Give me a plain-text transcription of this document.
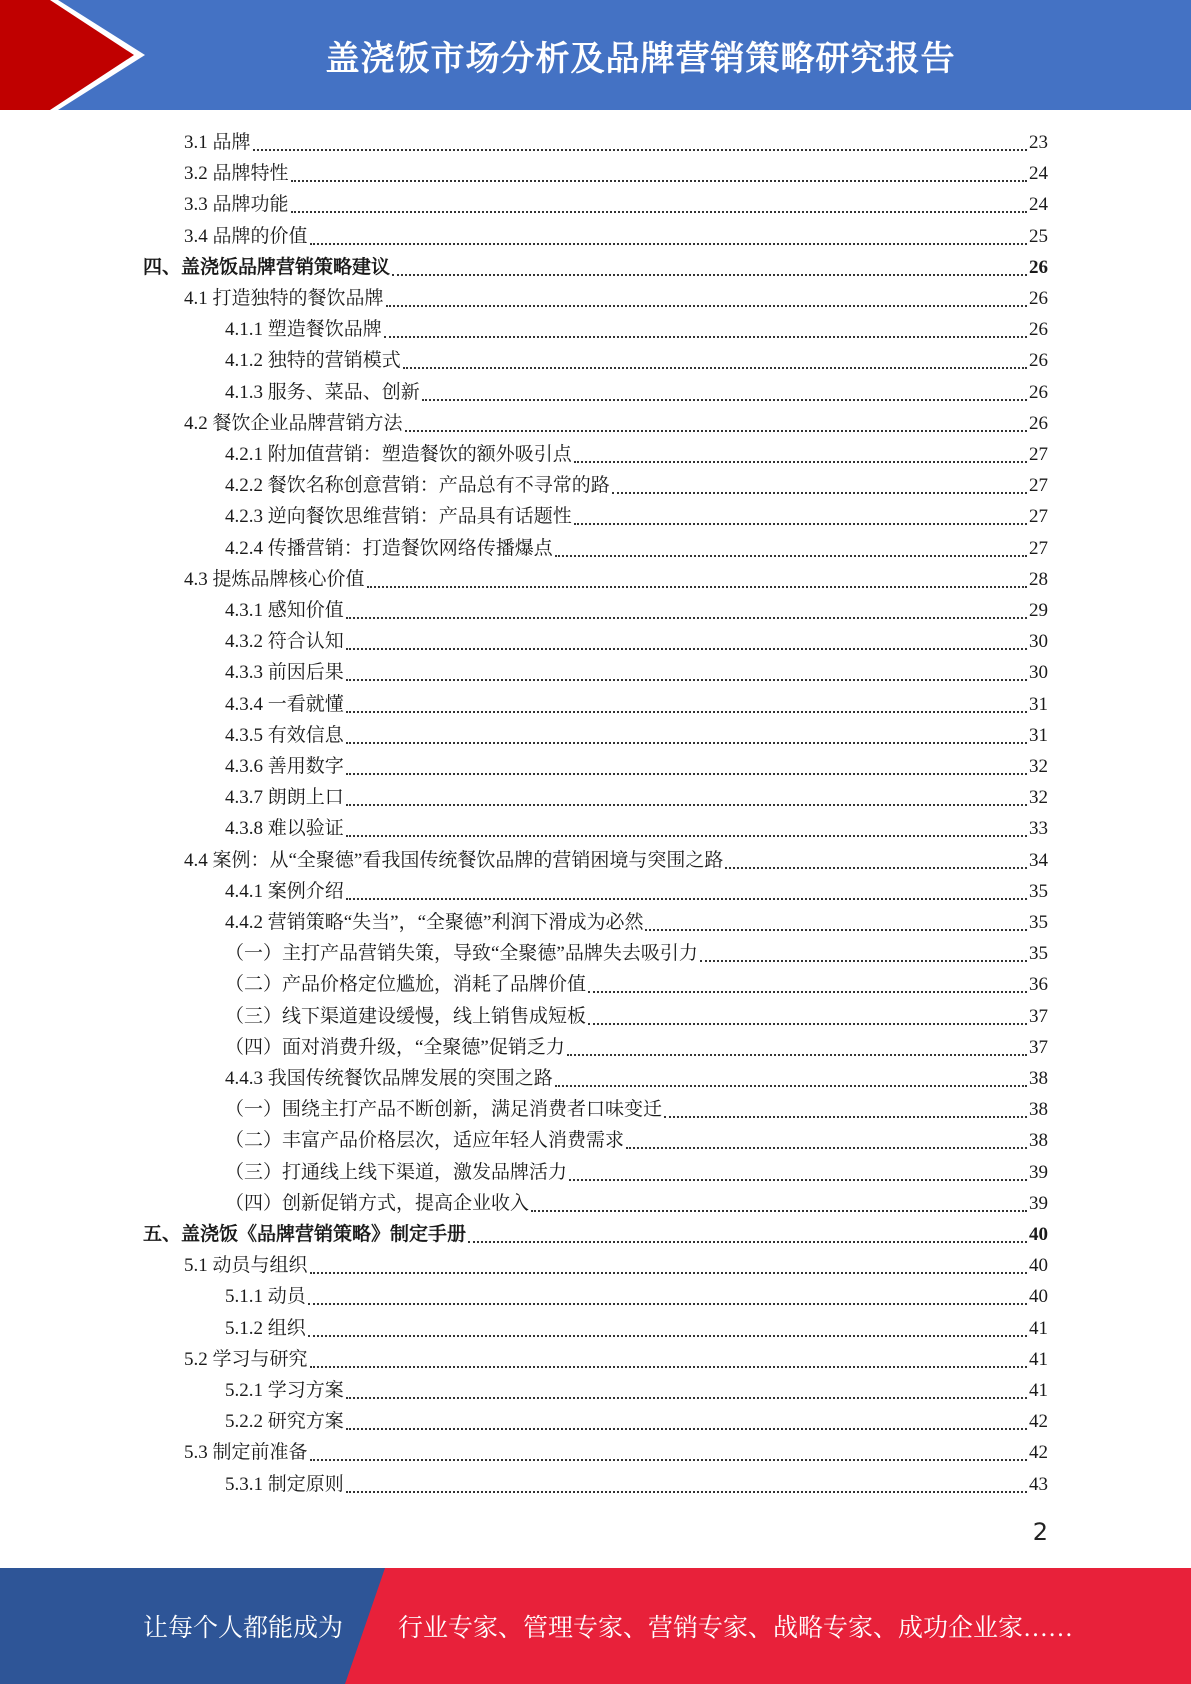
盖浇饭市场分析及品牌营销策略研究报告
3.1 品牌	23
3.2 品牌特性	24
3.3 品牌功能	24
3.4 品牌的价值	25
四、盖浇饭品牌营销策略建议	26
4.1 打造独特的餐饮品牌	26
4.1.1 塑造餐饮品牌	26
4.1.2 独特的营销模式	26
4.1.3 服务、菜品、创新	26
4.2 餐饮企业品牌营销方法	26
4.2.1 附加值营销：塑造餐饮的额外吸引点	27
4.2.2 餐饮名称创意营销：产品总有不寻常的路	27
4.2.3 逆向餐饮思维营销：产品具有话题性	27
4.2.4 传播营销：打造餐饮网络传播爆点	27
4.3 提炼品牌核心价值	28
4.3.1 感知价值	29
4.3.2 符合认知	30
4.3.3 前因后果	30
4.3.4 一看就懂	31
4.3.5 有效信息	31
4.3.6 善用数字	32
4.3.7 朗朗上口	32
4.3.8 难以验证	33
4.4 案例：从“全聚德”看我国传统餐饮品牌的营销困境与突围之路	34
4.4.1 案例介绍	35
4.4.2 营销策略“失当”，“全聚德”利润下滑成为必然	35
（一）主打产品营销失策，导致“全聚德”品牌失去吸引力	35
（二）产品价格定位尴尬，消耗了品牌价值	36
（三）线下渠道建设缓慢，线上销售成短板	37
（四）面对消费升级，“全聚德”促销乏力	37
4.4.3 我国传统餐饮品牌发展的突围之路	38
（一）围绕主打产品不断创新，满足消费者口味变迁	38
（二）丰富产品价格层次，适应年轻人消费需求	38
（三）打通线上线下渠道，激发品牌活力	39
（四）创新促销方式，提高企业收入	39
五、盖浇饭《品牌营销策略》制定手册	40
5.1 动员与组织	40
5.1.1 动员	40
5.1.2 组织	41
5.2 学习与研究	41
5.2.1 学习方案	41
5.2.2 研究方案	42
5.3 制定前准备	42
5.3.1 制定原则	43
2
让每个人都能成为 行业专家、管理专家、营销专家、战略专家、成功企业家……
